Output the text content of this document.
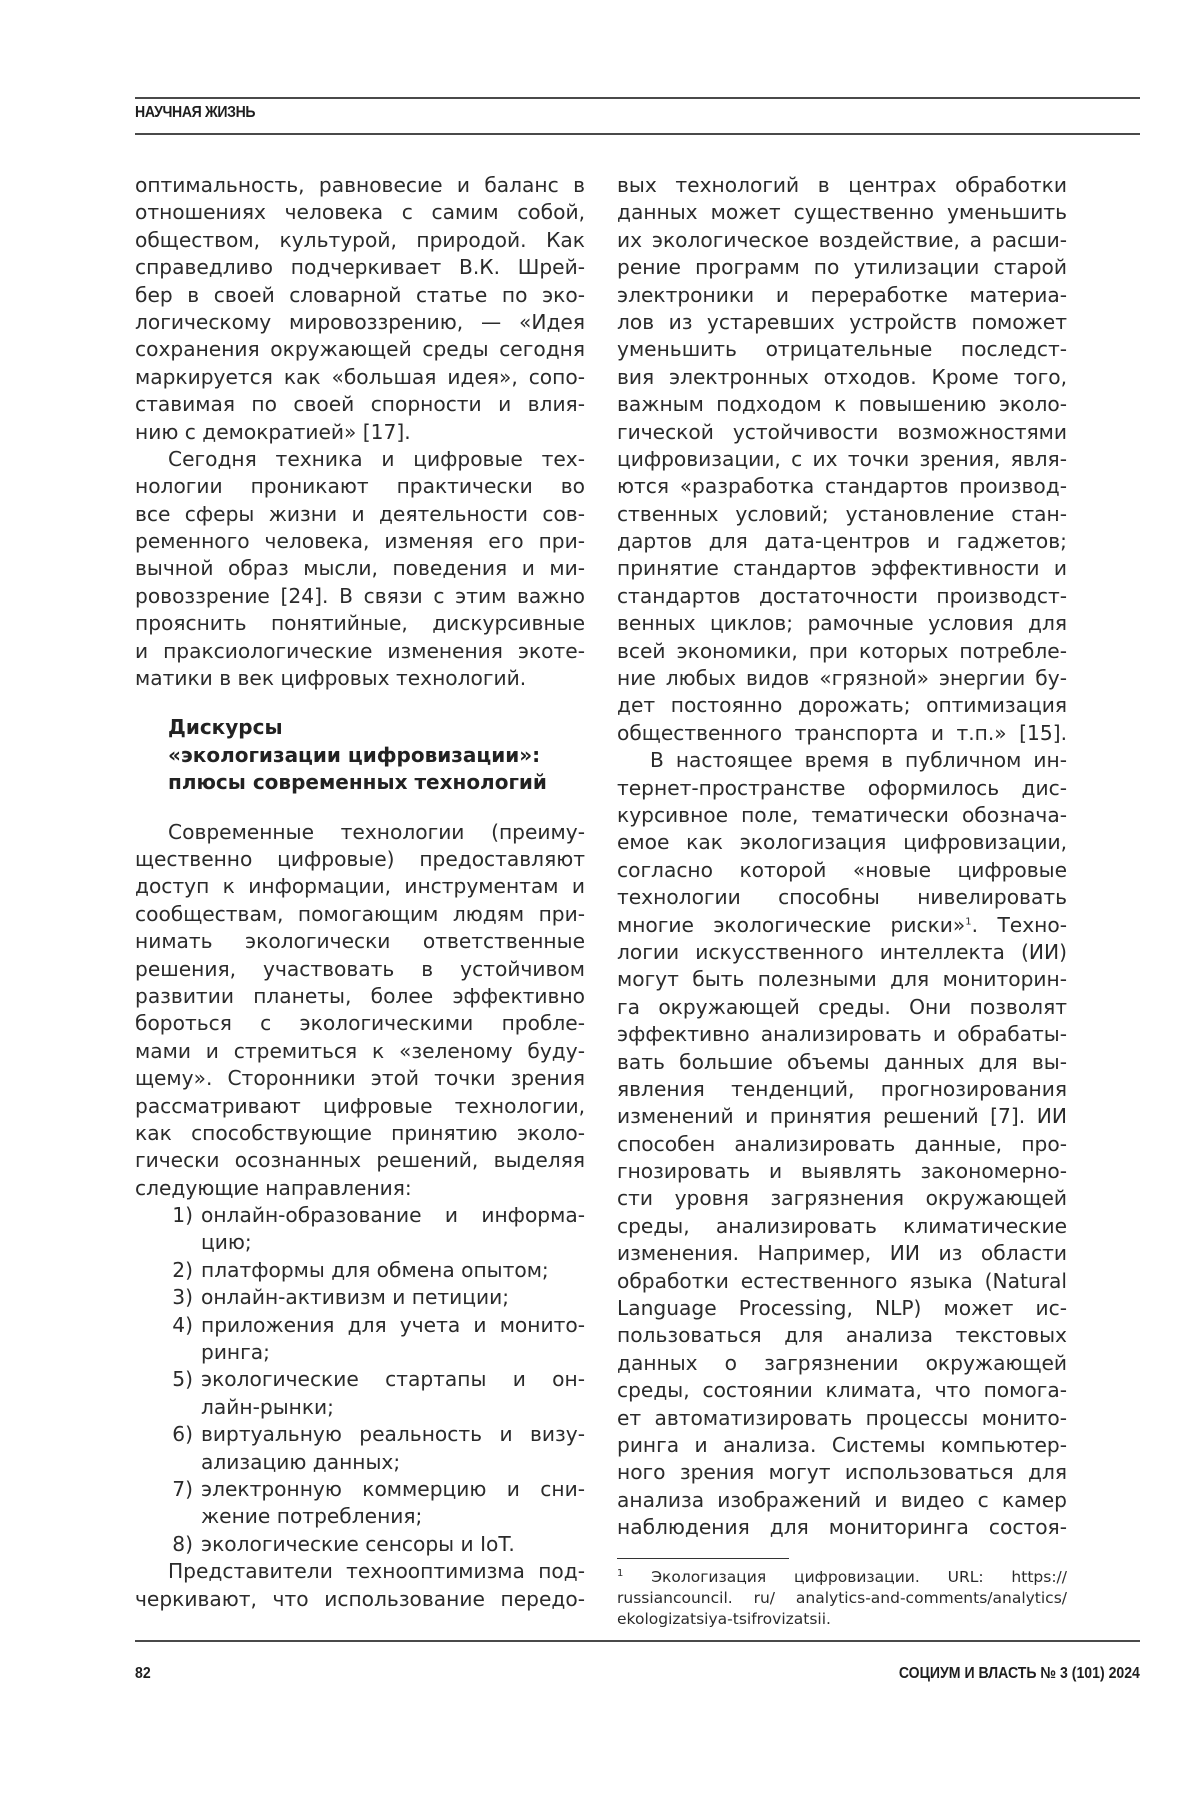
НАУЧНАЯ ЖИЗНЬ
оптимальность, равновесие и баланс в
отношениях человека с самим собой,
обществом, культурой, природой. Как
справедливо подчеркивает В.К. Шрей-
бер в своей словарной статье по эко-
логическому мировоззрению, — «Идея
сохранения окружающей среды сегодня
маркируется как «большая идея», сопо-
ставимая по своей спорности и влия-
нию с демократией» [17].
Сегодня техника и цифровые тех-
нологии проникают практически во
все сферы жизни и деятельности сов-
ременного человека, изменяя его при-
вычной образ мысли, поведения и ми-
ровоззрение [24]. В связи с этим важно
прояснить понятийные, дискурсивные
и праксиологические изменения экоте-
матики в век цифровых технологий.
Дискурсы
«экологизации цифровизации»:
плюсы современных технологий
Современные технологии (преиму-
щественно цифровые) предоставляют
доступ к информации, инструментам и
сообществам, помогающим людям при-
нимать экологически ответственные
решения, участвовать в устойчивом
развитии планеты, более эффективно
бороться с экологическими пробле-
мами и стремиться к «зеленому буду-
щему». Сторонники этой точки зрения
рассматривают цифровые технологии,
как способствующие принятию эколо-
гически осознанных решений, выделяя
следующие направления:
1) онлайн-образование и информа-
цию;
2) платформы для обмена опытом;
3) онлайн-активизм и петиции;
4) приложения для учета и монито-
ринга;
5) экологические стартапы и он-
лайн-рынки;
6) виртуальную реальность и визу-
ализацию данных;
7) электронную коммерцию и сни-
жение потребления;
8) экологические сенсоры и IoT.
Представители технооптимизма под-
черкивают, что использование передо-
вых технологий в центрах обработки
данных может существенно уменьшить
их экологическое воздействие, а расши-
рение программ по утилизации старой
электроники и переработке материа-
лов из устаревших устройств поможет
уменьшить отрицательные последст-
вия электронных отходов. Кроме того,
важным подходом к повышению эколо-
гической устойчивости возможностями
цифровизации, с их точки зрения, явля-
ются «разработка стандартов производ-
ственных условий; установление стан-
дартов для дата-центров и гаджетов;
принятие стандартов эффективности и
стандартов достаточности производст-
венных циклов; рамочные условия для
всей экономики, при которых потребле-
ние любых видов «грязной» энергии бу-
дет постоянно дорожать; оптимизация
общественного транспорта и т.п.» [15].
В настоящее время в публичном ин-
тернет-пространстве оформилось дис-
курсивное поле, тематически обознача-
емое как экологизация цифровизации,
согласно которой «новые цифровые
технологии способны нивелировать
многие экологические риски»$^1$. Техно-
логии искусственного интеллекта (ИИ)
могут быть полезными для мониторин-
га окружающей среды. Они позволят
эффективно анализировать и обрабаты-
вать большие объемы данных для вы-
явления тенденций, прогнозирования
изменений и принятия решений [7]. ИИ
способен анализировать данные, про-
гнозировать и выявлять закономерно-
сти уровня загрязнения окружающей
среды, анализировать климатические
изменения. Например, ИИ из области
обработки естественного языка (Natural
Language Processing, NLP) может ис-
пользоваться для анализа текстовых
данных о загрязнении окружающей
среды, состоянии климата, что помога-
ет автоматизировать процессы монито-
ринга и анализа. Системы компьютер-
ного зрения могут использоваться для
анализа изображений и видео с камер
наблюдения для мониторинга состоя-
$^1$ Экологизация цифровизации. URL: https://
russiancouncil. ru/ analytics-and-comments/analytics/
ekologizatsiya-tsifrovizatsii.
82	СОЦИУМ И ВЛАСТЬ № 3 (101) 2024
